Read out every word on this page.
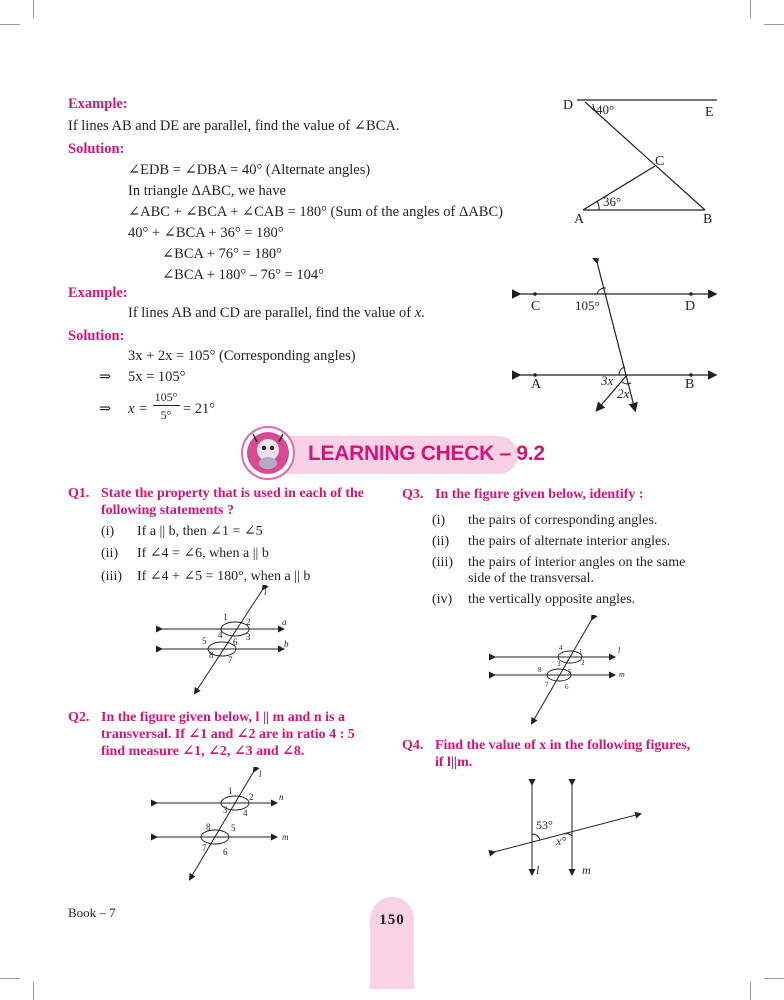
Example:
If lines AB and DE are parallel, find the value of ∠BCA.
Solution:
∠EDB = ∠DBA = 40° (Alternate angles)
In triangle ΔABC, we have
∠ABC + ∠BCA + ∠CAB = 180° (Sum of the angles of ΔABC)
40° + ∠BCA + 36° = 180°
∠BCA + 76° = 180°
∠BCA + 180° – 76° = 104°
D 40°	E
C
36°
A	B
Example:
If lines AB and CD are parallel, find the value of x.
Solution:
3x + 2x = 105° (Corresponding angles)
⇒ 5x = 105°
⇒ x =
105°
5° = 21°
C	105°	D
A	3x	B
2x
LEARNING CHECK – 9.2
Q1. State the property that is used in each of the
following statements ?
(i) If a || b, then ∠1 = ∠5
(ii) If ∠4 = ∠6, when a || b
(iii) If ∠4 + ∠5 = 180°, when a || b
l
a
b
1 2
3
4
5	6
7
8
Q2. In the figure given below, l || m and n is a
transversal. If ∠1 and ∠2 are in ratio 4 : 5
find measure ∠1, ∠2, ∠3 and ∠8.
l
n
m
1
2
3 4
5
6
7
8
Q3. In the figure given below, identify :
(i) the pairs of corresponding angles.
(ii) the pairs of alternate interior angles.
(iii) the pairs of interior angles on the same
side of the transversal.
(iv) the vertically opposite angles.
l
m
1
2
3
4
5
6
7
8
Q4. Find the value of x in the following figures,
if l||m.
53°
x°
l	m
Book – 7	150
